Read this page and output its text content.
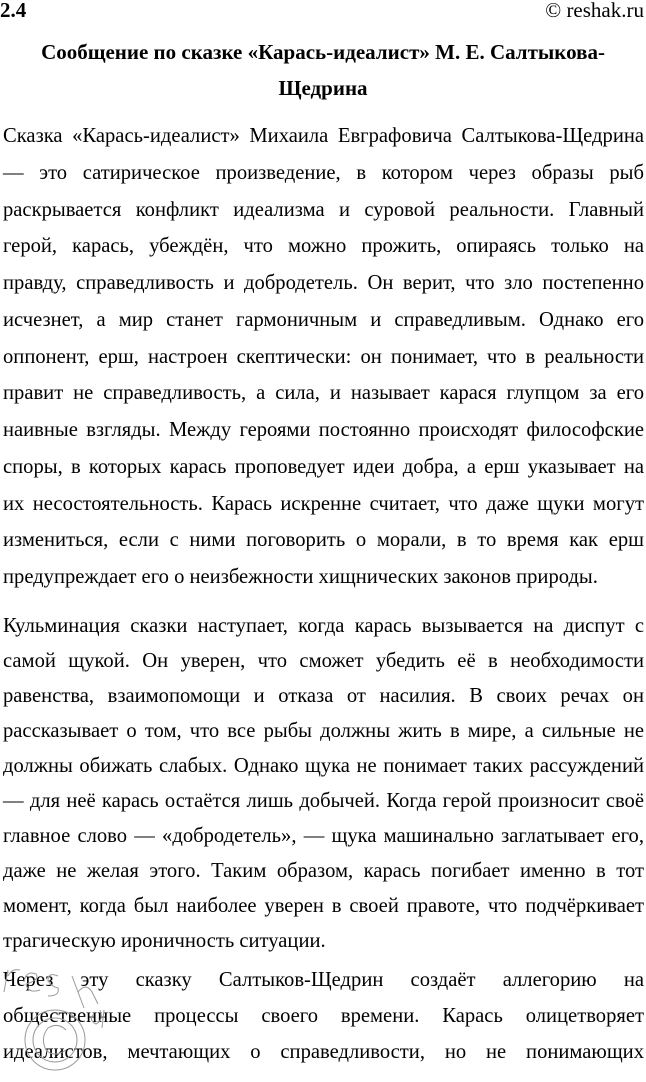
2.4	© reshak.ru
Сообщение по сказке «Карась-идеалист» М. Е. Салтыкова-
Щедрина
Сказка «Карась-идеалист» Михаила Евграфовича Салтыкова-Щедрина
— это сатирическое произведение, в котором через образы рыб
раскрывается конфликт идеализма и суровой реальности. Главный
герой, карась, убеждён, что можно прожить, опираясь только на
правду, справедливость и добродетель. Он верит, что зло постепенно
исчезнет, а мир станет гармоничным и справедливым. Однако его
оппонент, ерш, настроен скептически: он понимает, что в реальности
правит не справедливость, а сила, и называет карася глупцом за его
наивные взгляды. Между героями постоянно происходят философские
споры, в которых карась проповедует идеи добра, а ерш указывает на
их несостоятельность. Карась искренне считает, что даже щуки могут
измениться, если с ними поговорить о морали, в то время как ерш
предупреждает его о неизбежности хищнических законов природы.
Кульминация сказки наступает, когда карась вызывается на диспут с
самой щукой. Он уверен, что сможет убедить её в необходимости
равенства, взаимопомощи и отказа от насилия. В своих речах он
рассказывает о том, что все рыбы должны жить в мире, а сильные не
должны обижать слабых. Однако щука не понимает таких рассуждений
— для неё карась остаётся лишь добычей. Когда герой произносит своё
главное слово — «добродетель», — щука машинально заглатывает его,
даже не желая этого. Таким образом, карась погибает именно в тот
момент, когда был наиболее уверен в своей правоте, что подчёркивает
трагическую ироничность ситуации.
Через эту сказку Салтыков-Щедрин создаёт аллегорию на
общественные процессы своего времени. Карась олицетворяет
идеалистов, мечтающих о справедливости, но не понимающих
